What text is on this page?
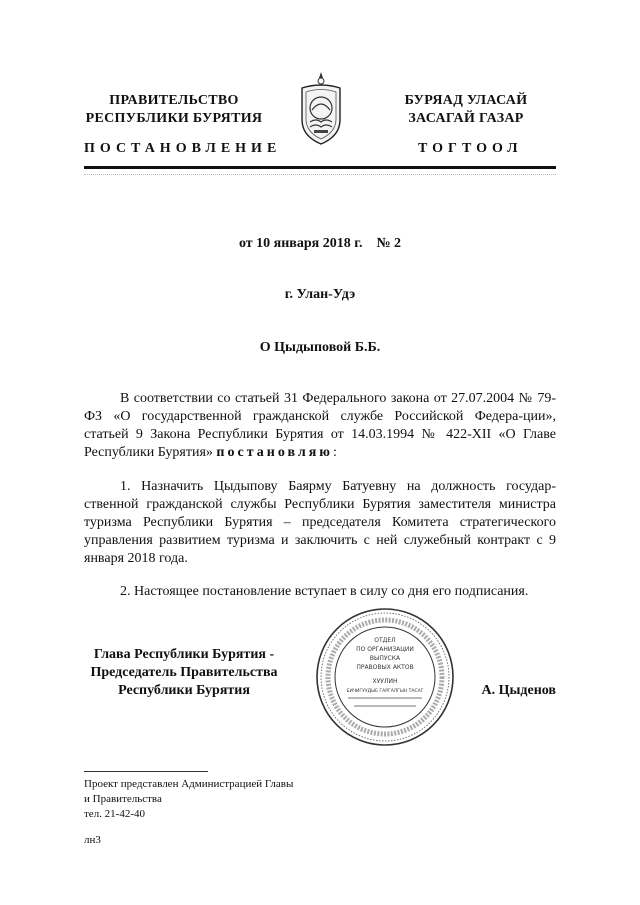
ПРАВИТЕЛЬСТВО
РЕСПУБЛИКИ БУРЯТИЯ
БУРЯАД УЛАСАЙ
ЗАСАГАЙ ГАЗАР
ПОСТАНОВЛЕНИЕ	ТОГТООЛ
от 10 января 2018 г.    № 2
г. Улан-Удэ
О Цыдыповой Б.Б.
В соответствии со статьей 31 Федерального закона от 27.07.2004 № 79-ФЗ «О государственной гражданской службе Российской Федера-ции», статьей 9 Закона Республики Бурятия от 14.03.1994 № 422-XII «О Главе Республики Бурятия» постановляю:
1. Назначить Цыдыпову Баярму Батуевну на должность государ-ственной гражданской службы Республики Бурятия заместителя министра туризма Республики Бурятия – председателя Комитета стратегического управления развитием туризма и заключить с ней служебный контракт с 9 января 2018 года.
2. Настоящее постановление вступает в силу со дня его подписания.
Глава Республики Бурятия -
Председатель Правительства
Республики Бурятия	А. Цыденов
ОТДЕЛ
ПО ОРГАНИЗАЦИИ
ВЫПУСКА
ПРАВОВЫХ АКТОВ
ХУУЛИН
БИЧИГУУДЫЕ ГАРГАЛГЫН ТАСАГ
Проект представлен Администрацией Главы
и Правительства
тел. 21-42-40
лн3
